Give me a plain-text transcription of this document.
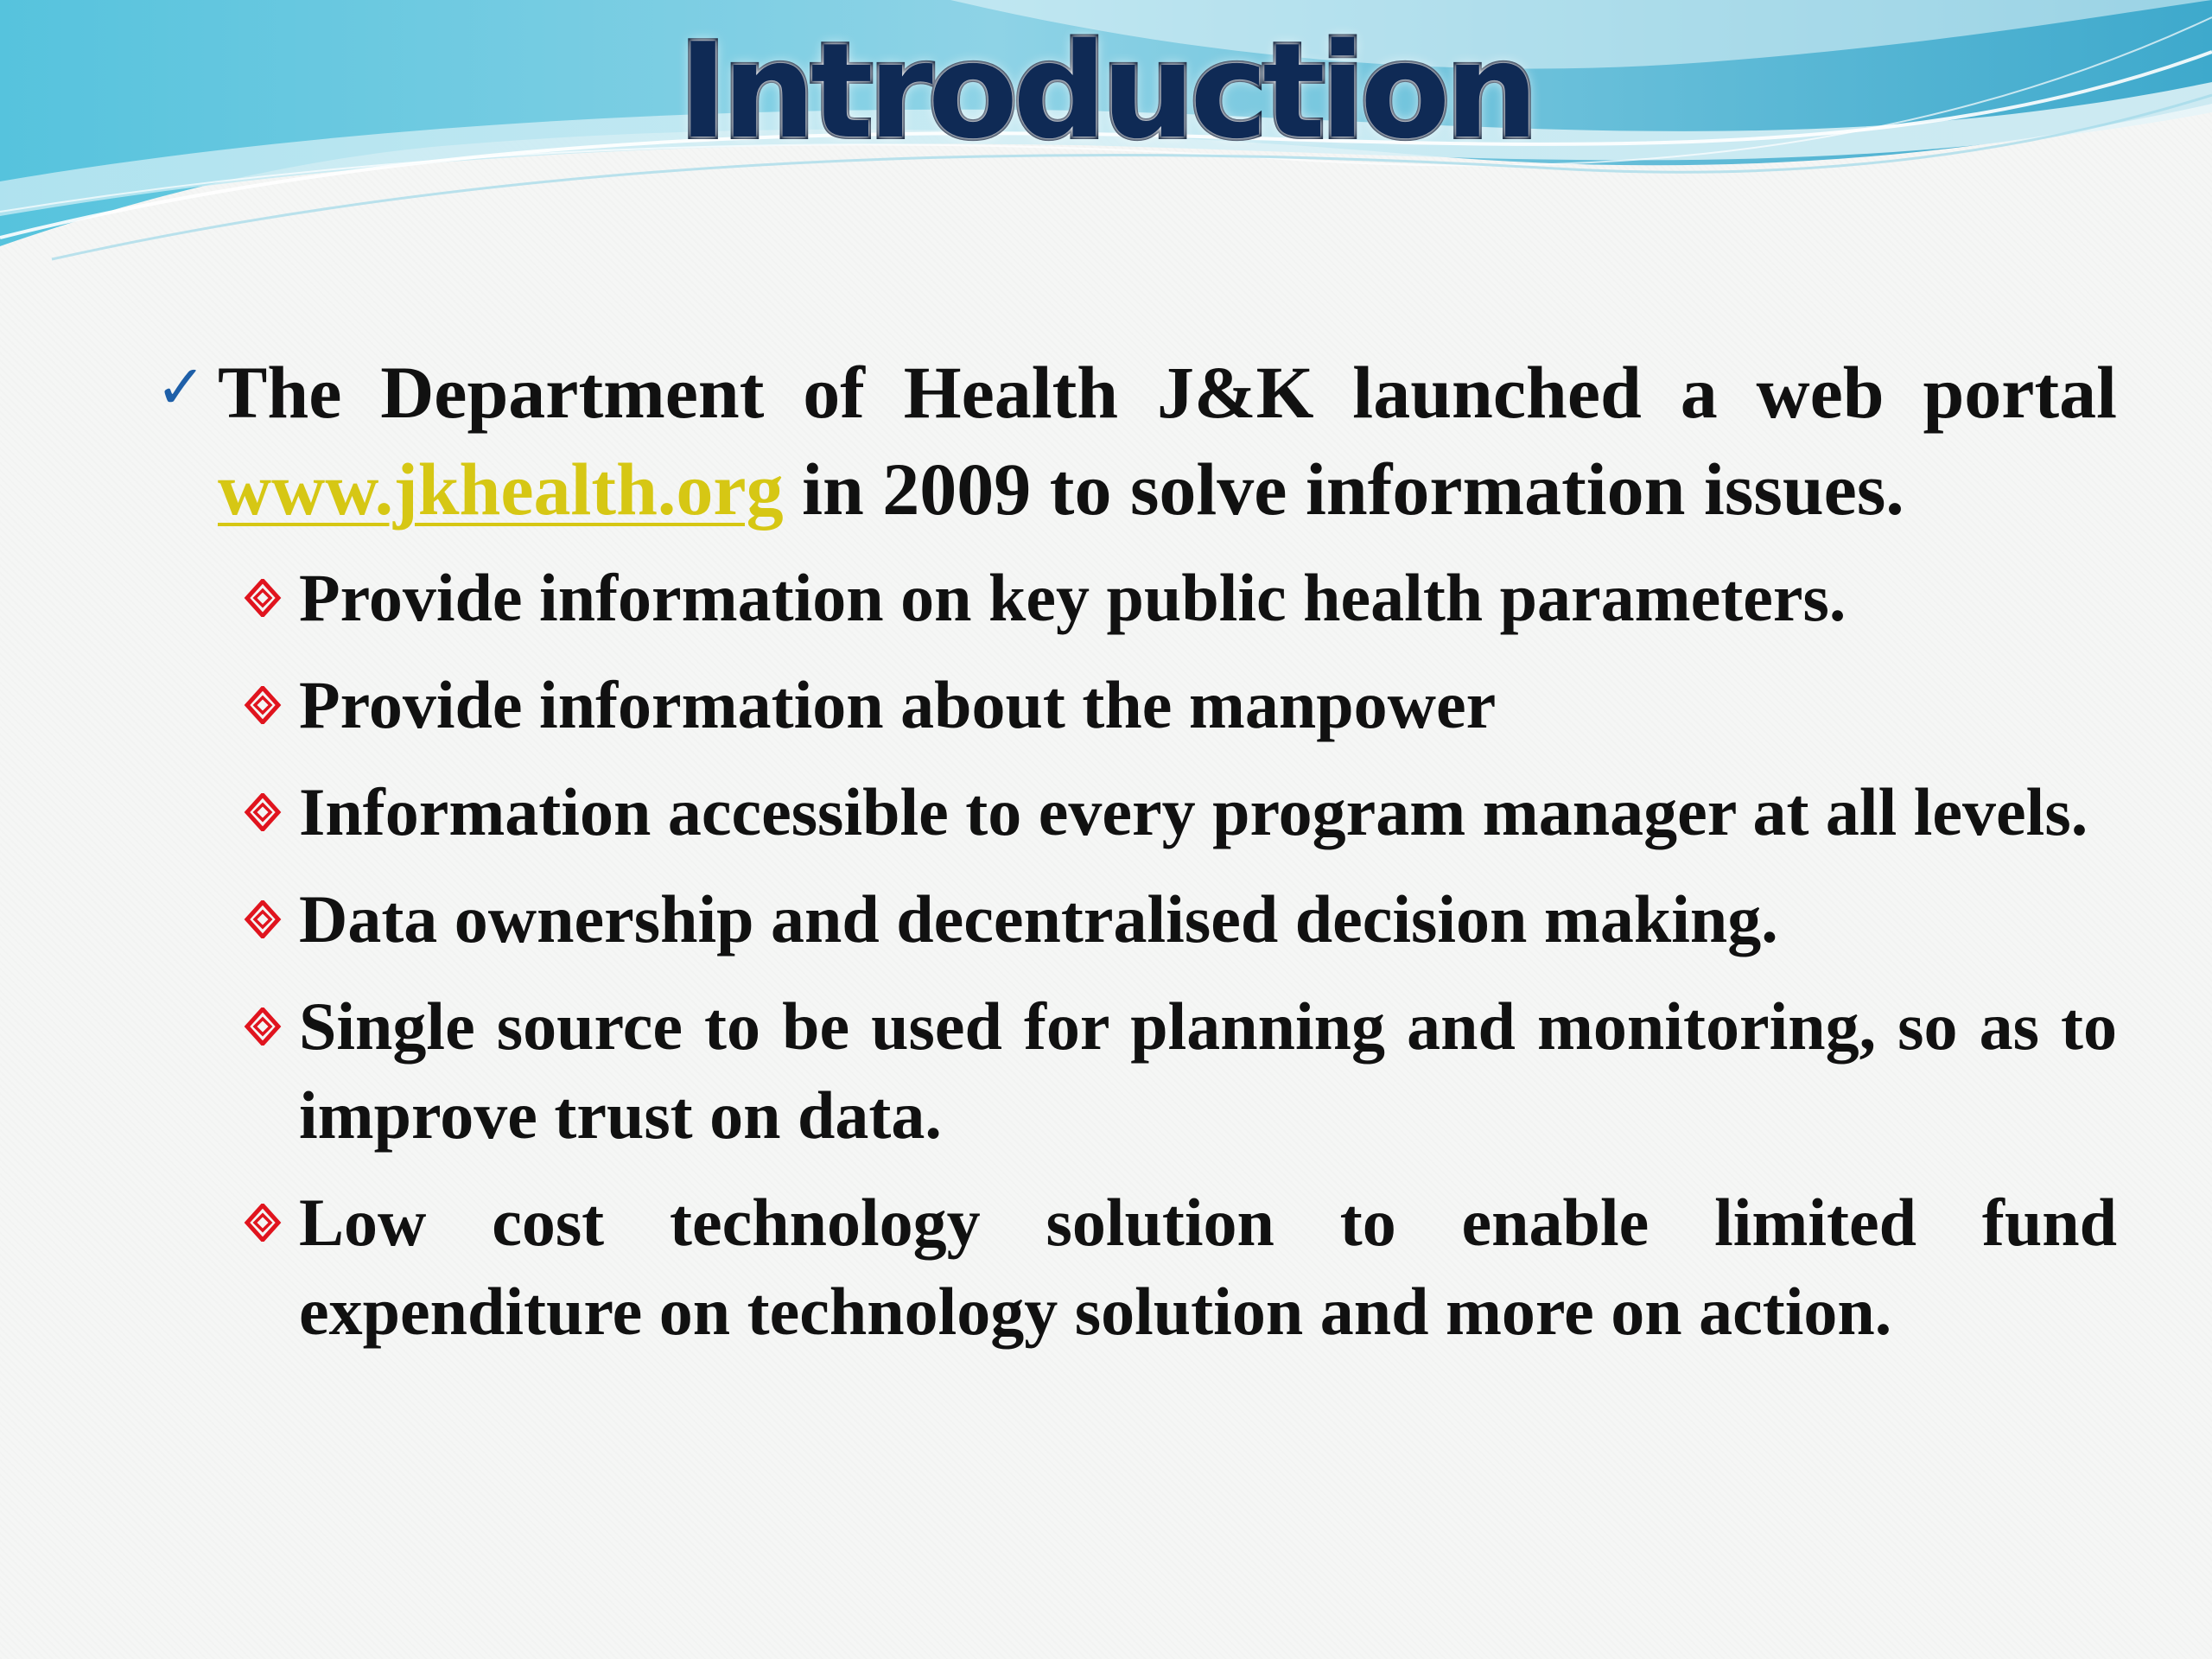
Introduction
✓ The Department of Health J&K launched a web portal www.jkhealth.org in 2009 to solve information issues.
Provide information on key public health parameters.
Provide information about the manpower
Information accessible to every program manager at all levels.
Data ownership and decentralised decision making.
Single source to be used for planning and monitoring, so as to improve trust on data.
Low cost technology solution to enable limited fund expenditure on technology solution and more on action.
